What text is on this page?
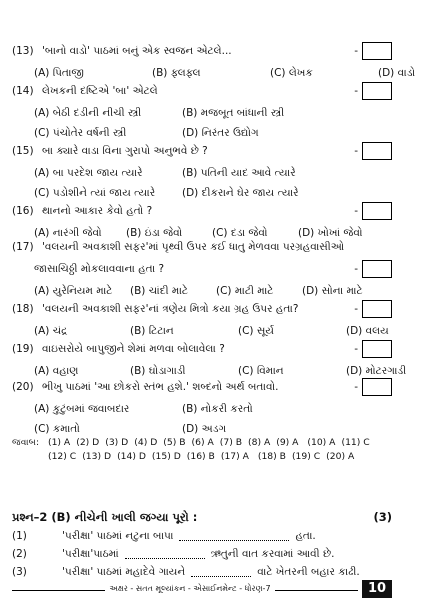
(13) 'બાનો વાડો' પાઠમાં બનું એક સ્વજન એટલે...	-
(A) પિતાજી	(B) ફ્લફ્લ	(C) લેખક	(D) વાડો
(14) લેખકની દષ્ટિએ 'બા' એટલે	-
(A) બેઠી દડીની નીચી સ્ત્રી	(B) મજબૂત બાંધાની સ્ત્રી
(C) પંચોતેર વર્ષની સ્ત્રી	(D) નિરંતર ઉદ્યોગ
(15) બા ક્યારે વાડા વિના ગુરાપો અનુભવે છે ?	-
(A) બા પરદેશ જાય ત્યારે	(B) પતિની યાદ આવે ત્યારે
(C) પડોશીને ત્યાં જાય ત્યારે	(D) દીકરાને ઘેર જાય ત્યારે
(16) થાનનો આકાર કેવો હતો ?	-
(A) નારંગી જેવો	(B) ઇંડા જેવો	(C) દડા જેવો	(D) ખોખાં જેવો
(17) 'વલયની અવકાશી સફર'માં પૃથ્વી ઉપર કઈ ધાતુ મેળવવા પરગ્રહવાસીઓ
જાસાચિઠ્ઠી મોકલાવવાના હતા ?	-
(A) યુરેનિયમ માટે	(B) ચાંદી માટે	(C) માટી માટે	(D) સોના માટે
(18) 'વલયની અવકાશી સફર'નાં ત્રણેય મિત્રો કયા ગ્રહ ઉપર હતા?	-
(A) ચંદ્ર	(B) ટિટાન	(C) સૂર્ય	(D) વલય
(19) વાઇસરોયે બાપુજીને શેમાં મળવા બોલાવેલા ?	-
(A) વહાણ	(B) ઘોડાગાડી	(C) વિમાન	(D) મોટરગાડી
(20) ભીખુ પાઠમાં 'આ છોકરો સ્તંભ હશે.' શબ્દનો અર્થ બતાવો.	-
(A) કુટુંબમાં જવાબદાર	(B) નોકરી કરતો
(C) કમાતો	(D) અડગ
જવાબ: (1) A (2) D (3) D (4) D (5) B (6) A (7) B (8) A (9) A (10) A (11) C(12) C (13) D (14) D (15) D (16) B (17) A (18) B (19) C (20) A
પ્રશ્ન–2 (B) નીચેની ખાલી જગ્યા પૂરો :	(3)
(1)	'પરીક્ષા' પાઠમાં નટુના બાપા	હતા.
(2)	'પરીક્ષા'પાઠમાં	ઋતુની વાત કરવામાં આવી છે.
(3)	'પરીક્ષા' પાઠમાં મહાદેવે ગાયને	વાટે ખેતરની બહાર કાઢી.
અક્ષર - સતત મૂલ્યાંકન - એસાઈનમેન્ટ - ધોરણ-7	10
